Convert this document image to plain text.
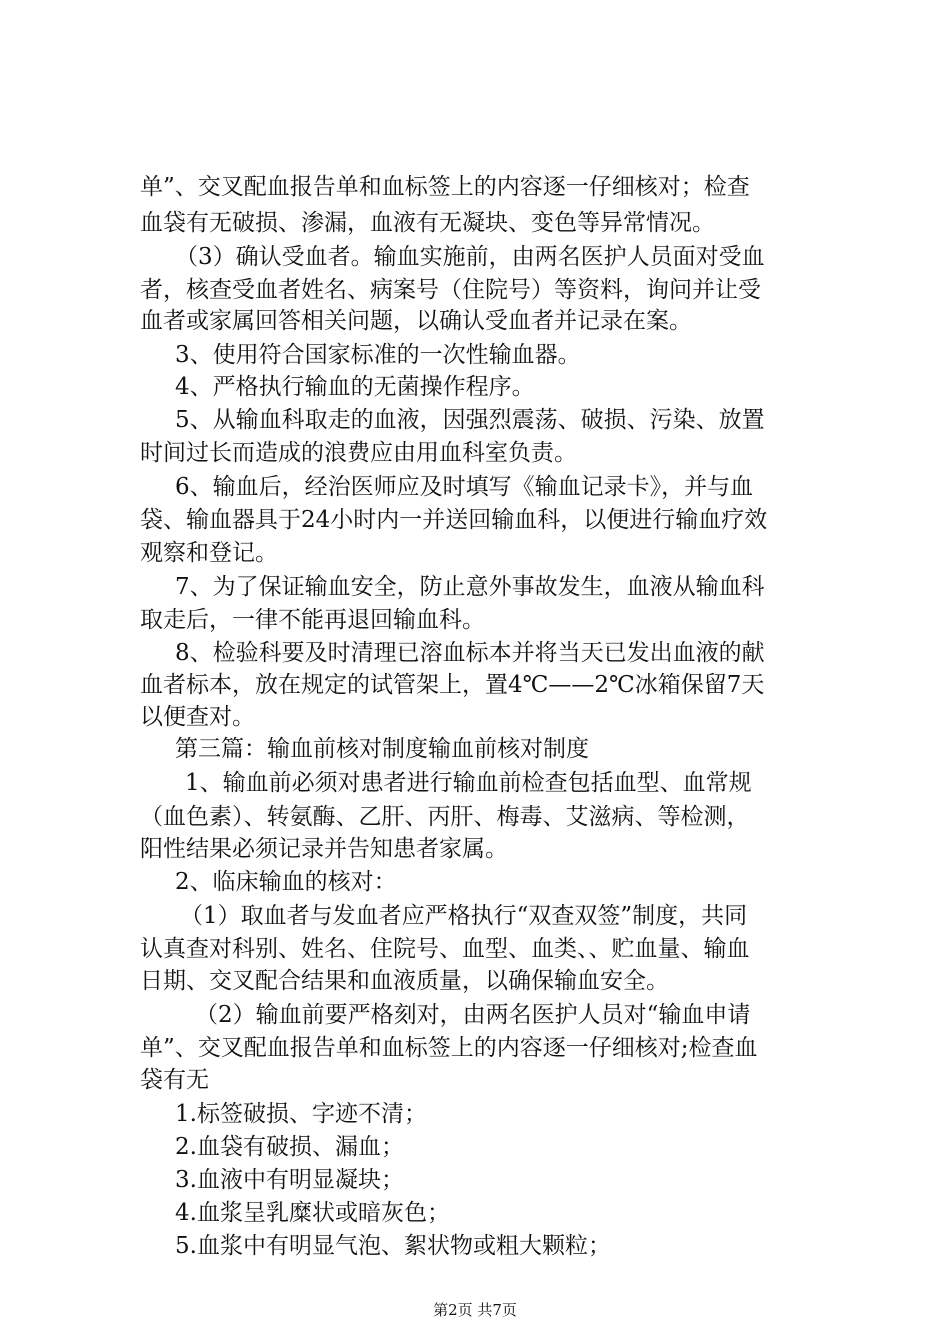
单”、交叉配血报告单和血标签上的内容逐一仔细核对；检查
血袋有无破损、渗漏，血液有无凝块、变色等异常情况。
（3）确认受血者。输血实施前，由两名医护人员面对受血
者，核查受血者姓名、病案号（住院号）等资料，询问并让受
血者或家属回答相关问题，以确认受血者并记录在案。
3、使用符合国家标准的一次性输血器。
4、严格执行输血的无菌操作程序。
5、从输血科取走的血液，因强烈震荡、破损、污染、放置
时间过长而造成的浪费应由用血科室负责。
6、输血后，经治医师应及时填写《输血记录卡》，并与血
袋、输血器具于24小时内一并送回输血科，以便进行输血疗效
观察和登记。
7、为了保证输血安全，防止意外事故发生，血液从输血科
取走后，一律不能再退回输血科。
8、检验科要及时清理已溶血标本并将当天已发出血液的献
血者标本，放在规定的试管架上，置4℃——2℃冰箱保留7天
以便查对。
第三篇：输血前核对制度输血前核对制度
1、输血前必须对患者进行输血前检查包括血型、血常规
（血色素）、转氨酶、乙肝、丙肝、梅毒、艾滋病、等检测，
阳性结果必须记录并告知患者家属。
2、临床输血的核对：
（1）取血者与发血者应严格执行“双查双签”制度，共同
认真查对科别、姓名、住院号、血型、血类、、贮血量、输血
日期、交叉配合结果和血液质量，以确保输血安全。
（2）输血前要严格刻对，由两名医护人员对“输血申请
单”、交叉配血报告单和血标签上的内容逐一仔细核对;检查血
袋有无
1.标签破损、字迹不清；
2.血袋有破损、漏血；
3.血液中有明显凝块；
4.血浆呈乳糜状或暗灰色；
5.血浆中有明显气泡、絮状物或粗大颗粒；
第2页 共7页
